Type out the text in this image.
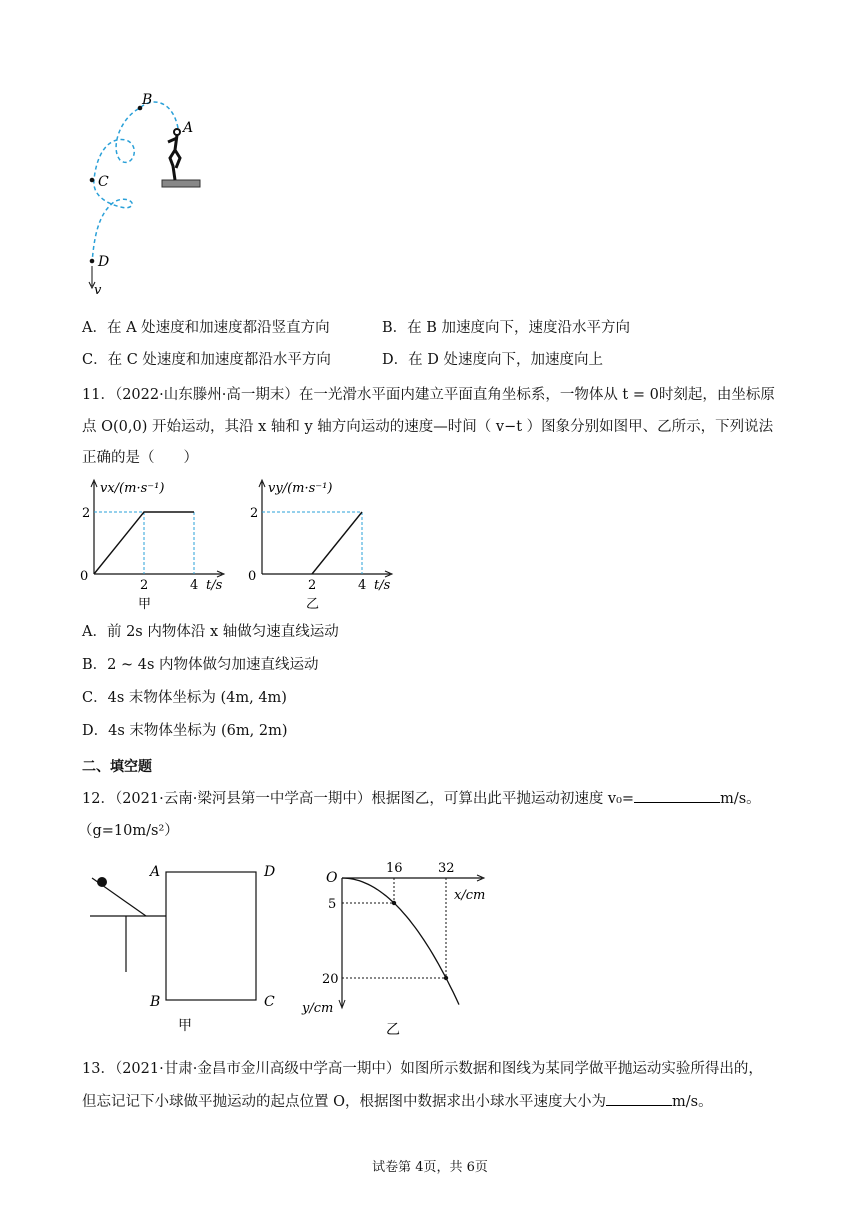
B
A
C
D
v
A．在 A 处速度和加速度都沿竖直方向	B．在 B 加速度向下，速度沿水平方向
C．在 C 处速度和加速度都沿水平方向	D．在 D 处速度向下，加速度向上
11．（2022·山东滕州·高一期末）在一光滑水平面内建立平面直角坐标系，一物体从 t = 0时刻起，由坐标原
点 O(0,0) 开始运动，其沿 x 轴和 y 轴方向运动的速度—时间（ v−t ）图象分别如图甲、乙所示，下列说法
正确的是（　　）
2
0
2	4 t/s
vx/(m·s⁻¹)
甲
2
0
2	4 t/s
vy/(m·s⁻¹)
乙
A．前 2s 内物体沿 x 轴做匀速直线运动
B．2 ~ 4s 内物体做匀加速直线运动
C．4s 末物体坐标为 (4m, 4m)
D．4s 末物体坐标为 (6m, 2m)
二、填空题
12．（2021·云南·梁河县第一中学高一期中）根据图乙，可算出此平抛运动初速度 v₀=	m/s。
（g=10m/s²）
A	D
B	C
甲
O
16	32
x/cm
5
20
y/cm
乙
13．（2021·甘肃·金昌市金川高级中学高一期中）如图所示数据和图线为某同学做平抛运动实验所得出的，
但忘记记下小球做平抛运动的起点位置 O，根据图中数据求出小球水平速度大小为	m/s。
试卷第 4页，共 6页
